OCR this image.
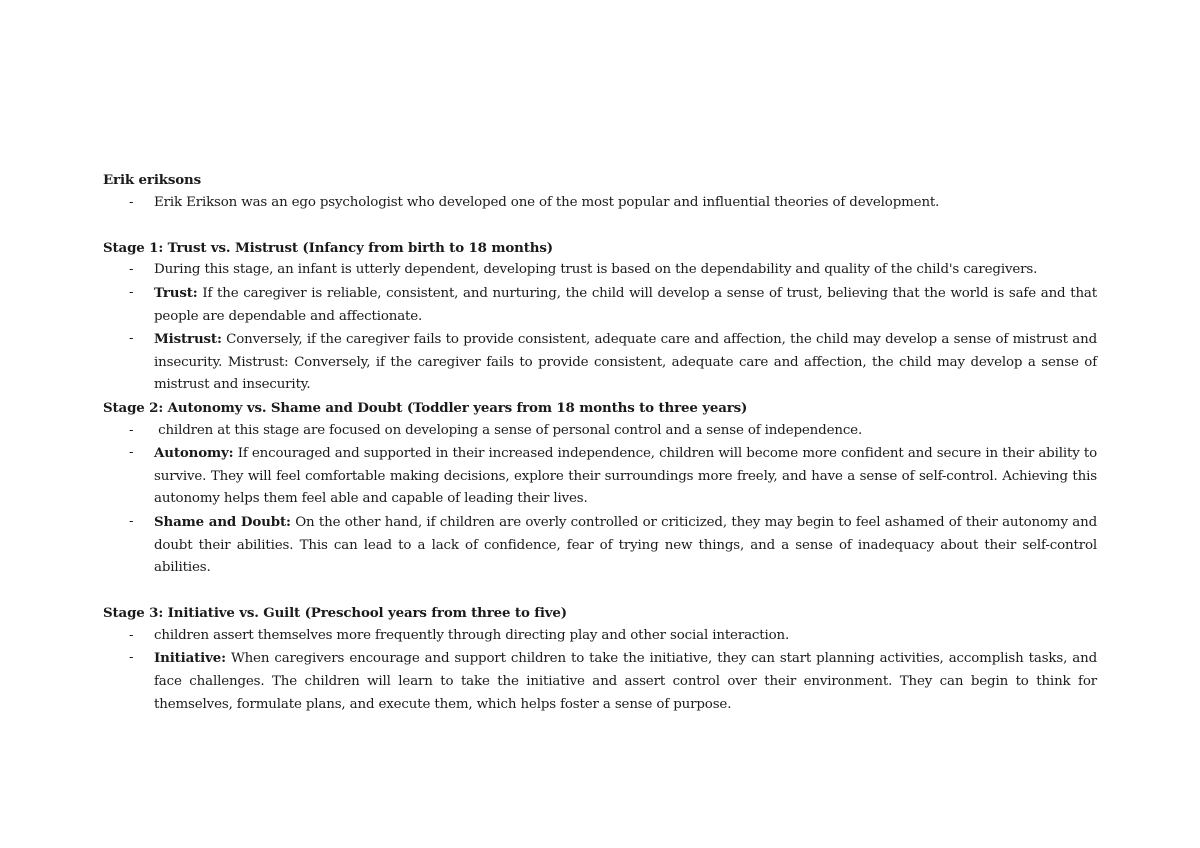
Erik eriksons

- Erik Erikson was an ego psychologist who developed one of the most popular and influential theories of development.

Stage 1: Trust vs. Mistrust (Infancy from birth to 18 months)

- During this stage, an infant is utterly dependent, developing trust is based on the dependability and quality of the child's caregivers.
- Trust: If the caregiver is reliable, consistent, and nurturing, the child will develop a sense of trust, believing that the world is safe and that people are dependable and affectionate.
- Mistrust: Conversely, if the caregiver fails to provide consistent, adequate care and affection, the child may develop a sense of mistrust and insecurity. Mistrust: Conversely, if the caregiver fails to provide consistent, adequate care and affection, the child may develop a sense of mistrust and insecurity.

Stage 2: Autonomy vs. Shame and Doubt (Toddler years from 18 months to three years)

- children at this stage are focused on developing a sense of personal control and a sense of independence.
- Autonomy: If encouraged and supported in their increased independence, children will become more confident and secure in their ability to survive. They will feel comfortable making decisions, explore their surroundings more freely, and have a sense of self-control. Achieving this autonomy helps them feel able and capable of leading their lives.
- Shame and Doubt: On the other hand, if children are overly controlled or criticized, they may begin to feel ashamed of their autonomy and doubt their abilities. This can lead to a lack of confidence, fear of trying new things, and a sense of inadequacy about their self-control abilities.

Stage 3: Initiative vs. Guilt (Preschool years from three to five)

- children assert themselves more frequently through directing play and other social interaction.
- Initiative: When caregivers encourage and support children to take the initiative, they can start planning activities, accomplish tasks, and face challenges. The children will learn to take the initiative and assert control over their environment. They can begin to think for themselves, formulate plans, and execute them, which helps foster a sense of purpose.
